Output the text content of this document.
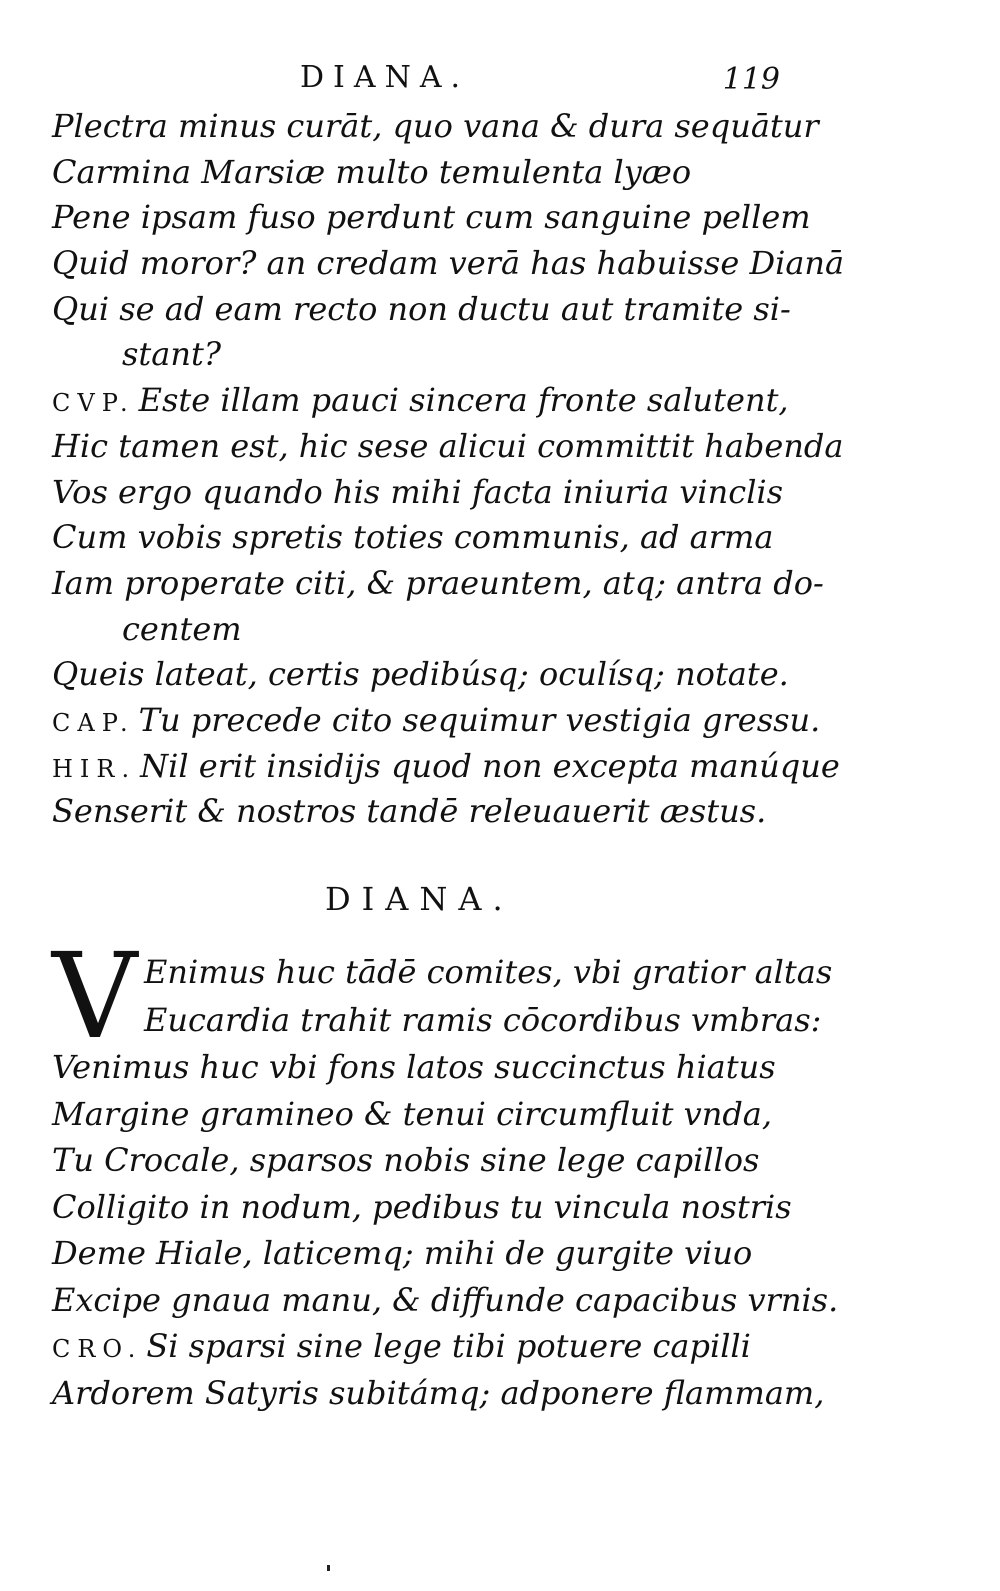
DIANA.	119
Plectra minus curāt, quo vana & dura sequātur
Carmina Marsiæ multo temulenta lyæo
Pene ipsam fuso perdunt cum sanguine pellem
Quid moror? an credam verā has habuisse Dianā
Qui se ad eam recto non ductu aut tramite si-
stant?
CVP. Este illam pauci sincera fronte salutent,
Hic tamen est, hic sese alicui committit habenda
Vos ergo quando his mihi facta iniuria vinclis
Cum vobis spretis toties communis, ad arma
Iam properate citi, & praeuntem, atq; antra do-
centem
Queis lateat, certis pedibúsq; oculísq; notate.
CAP. Tu precede cito sequimur vestigia gressu.
HIR. Nil erit insidijs quod non excepta manúque
Senserit & nostros tandē releuauerit æstus.
DIANA.
V Enimus huc tādē comites, vbi gratior altas
Eucardia trahit ramis cōcordibus vmbras:
Venimus huc vbi fons latos succinctus hiatus
Margine gramineo & tenui circumfluit vnda,
Tu Crocale, sparsos nobis sine lege capillos
Colligito in nodum, pedibus tu vincula nostris
Deme Hiale, laticemq; mihi de gurgite viuo
Excipe gnaua manu, & diffunde capacibus vrnis.
CRO. Si sparsi sine lege tibi potuere capilli
Ardorem Satyris subitámq; adponere flammam,
